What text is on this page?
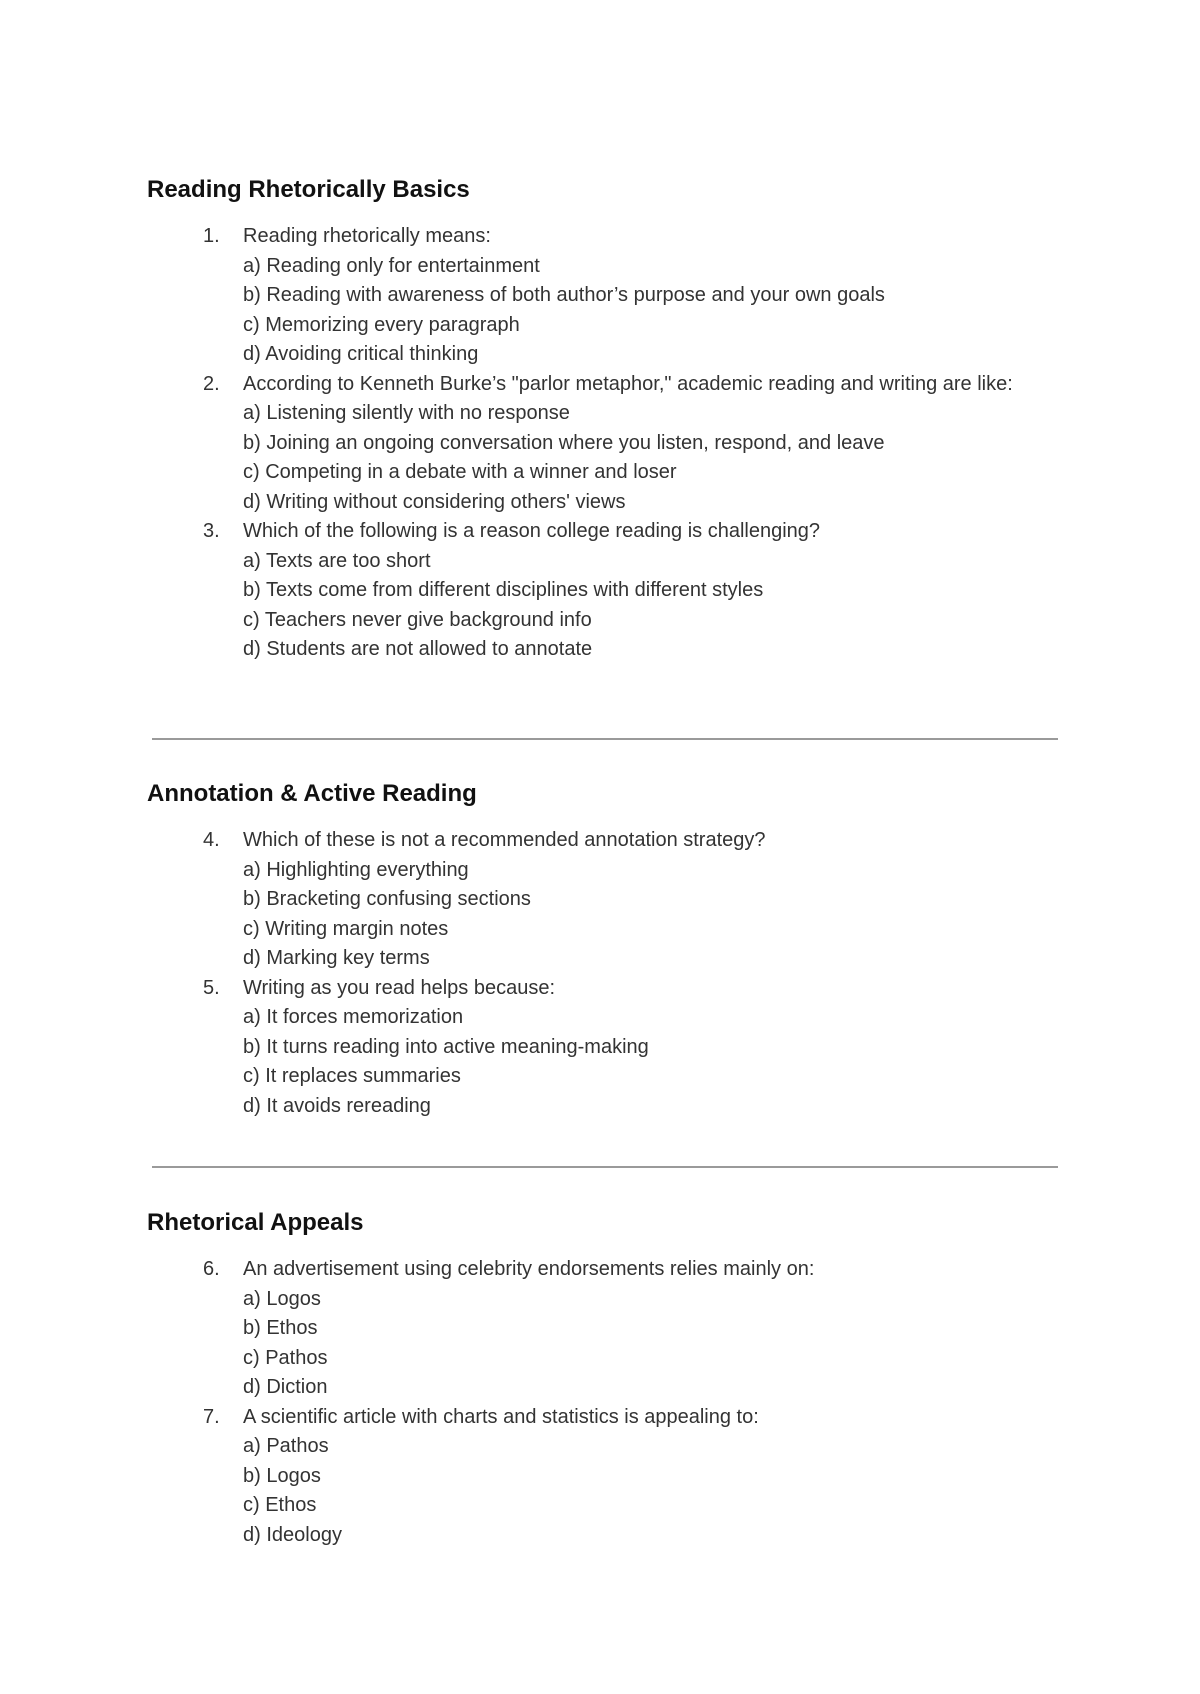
Reading Rhetorically Basics
1.	Reading rhetorically means:
a) Reading only for entertainment
b) Reading with awareness of both author’s purpose and your own goals
c) Memorizing every paragraph
d) Avoiding critical thinking
2.	According to Kenneth Burke’s "parlor metaphor," academic reading and writing are like:
a) Listening silently with no response
b) Joining an ongoing conversation where you listen, respond, and leave
c) Competing in a debate with a winner and loser
d) Writing without considering others' views
3.	Which of the following is a reason college reading is challenging?
a) Texts are too short
b) Texts come from different disciplines with different styles
c) Teachers never give background info
d) Students are not allowed to annotate
Annotation & Active Reading
4.	Which of these is not a recommended annotation strategy?
a) Highlighting everything
b) Bracketing confusing sections
c) Writing margin notes
d) Marking key terms
5.	Writing as you read helps because:
a) It forces memorization
b) It turns reading into active meaning-making
c) It replaces summaries
d) It avoids rereading
Rhetorical Appeals
6.	An advertisement using celebrity endorsements relies mainly on:
a) Logos
b) Ethos
c) Pathos
d) Diction
7.	A scientific article with charts and statistics is appealing to:
a) Pathos
b) Logos
c) Ethos
d) Ideology
